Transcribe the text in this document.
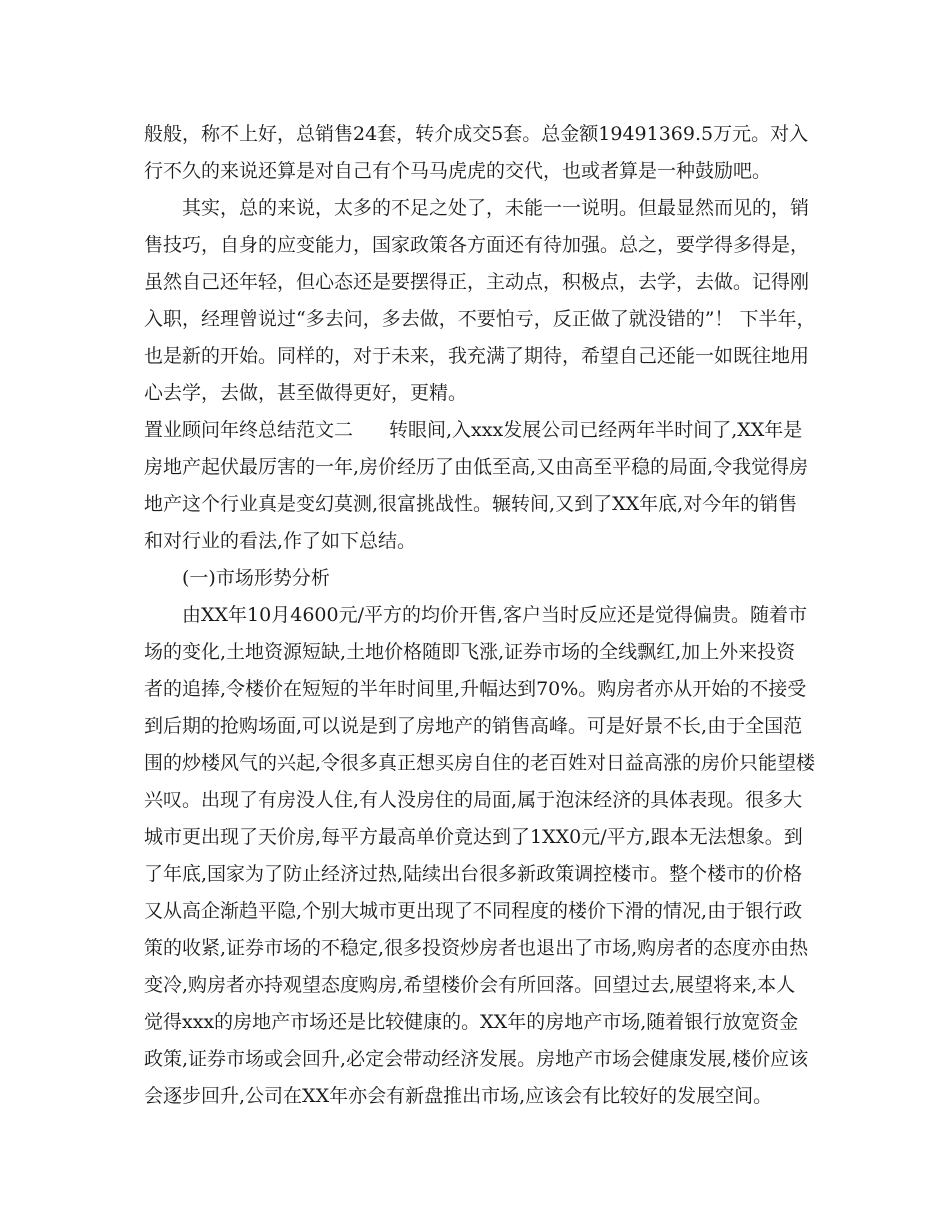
般般，称不上好，总销售24套，转介成交5套。总金额19491369.5万元。对入
行不久的来说还算是对自己有个马马虎虎的交代，也或者算是一种鼓励吧。
其实，总的来说，太多的不足之处了，未能一一说明。但最显然而见的，销
售技巧，自身的应变能力，国家政策各方面还有待加强。总之，要学得多得是，
虽然自己还年轻，但心态还是要摆得正，主动点，积极点，去学，去做。记得刚
入职，经理曾说过“多去问，多去做，不要怕亏，反正做了就没错的”！ 下半年，
也是新的开始。同样的，对于未来，我充满了期待，希望自己还能一如既往地用
心去学，去做，甚至做得更好，更精。
置业顾问年终总结范文二 转眼间,入xxx发展公司已经两年半时间了,XX年是
房地产起伏最厉害的一年,房价经历了由低至高,又由高至平稳的局面,令我觉得房
地产这个行业真是变幻莫测,很富挑战性。辗转间,又到了XX年底,对今年的销售
和对行业的看法,作了如下总结。
(一)市场形势分析
由XX年10月4600元/平方的均价开售,客户当时反应还是觉得偏贵。随着市
场的变化,土地资源短缺,土地价格随即飞涨,证券市场的全线飘红,加上外来投资
者的追捧,令楼价在短短的半年时间里,升幅达到70%。购房者亦从开始的不接受
到后期的抢购场面,可以说是到了房地产的销售高峰。可是好景不长,由于全国范
围的炒楼风气的兴起,令很多真正想买房自住的老百姓对日益高涨的房价只能望楼
兴叹。出现了有房没人住,有人没房住的局面,属于泡沫经济的具体表现。很多大
城市更出现了天价房,每平方最高单价竟达到了1XX0元/平方,跟本无法想象。到
了年底,国家为了防止经济过热,陆续出台很多新政策调控楼市。整个楼市的价格
又从高企渐趋平隐,个别大城市更出现了不同程度的楼价下滑的情况,由于银行政
策的收紧,证券市场的不稳定,很多投资炒房者也退出了市场,购房者的态度亦由热
变冷,购房者亦持观望态度购房,希望楼价会有所回落。回望过去,展望将来,本人
觉得xxx的房地产市场还是比较健康的。XX年的房地产市场,随着银行放宽资金
政策,证券市场或会回升,必定会带动经济发展。房地产市场会健康发展,楼价应该
会逐步回升,公司在XX年亦会有新盘推出市场,应该会有比较好的发展空间。
